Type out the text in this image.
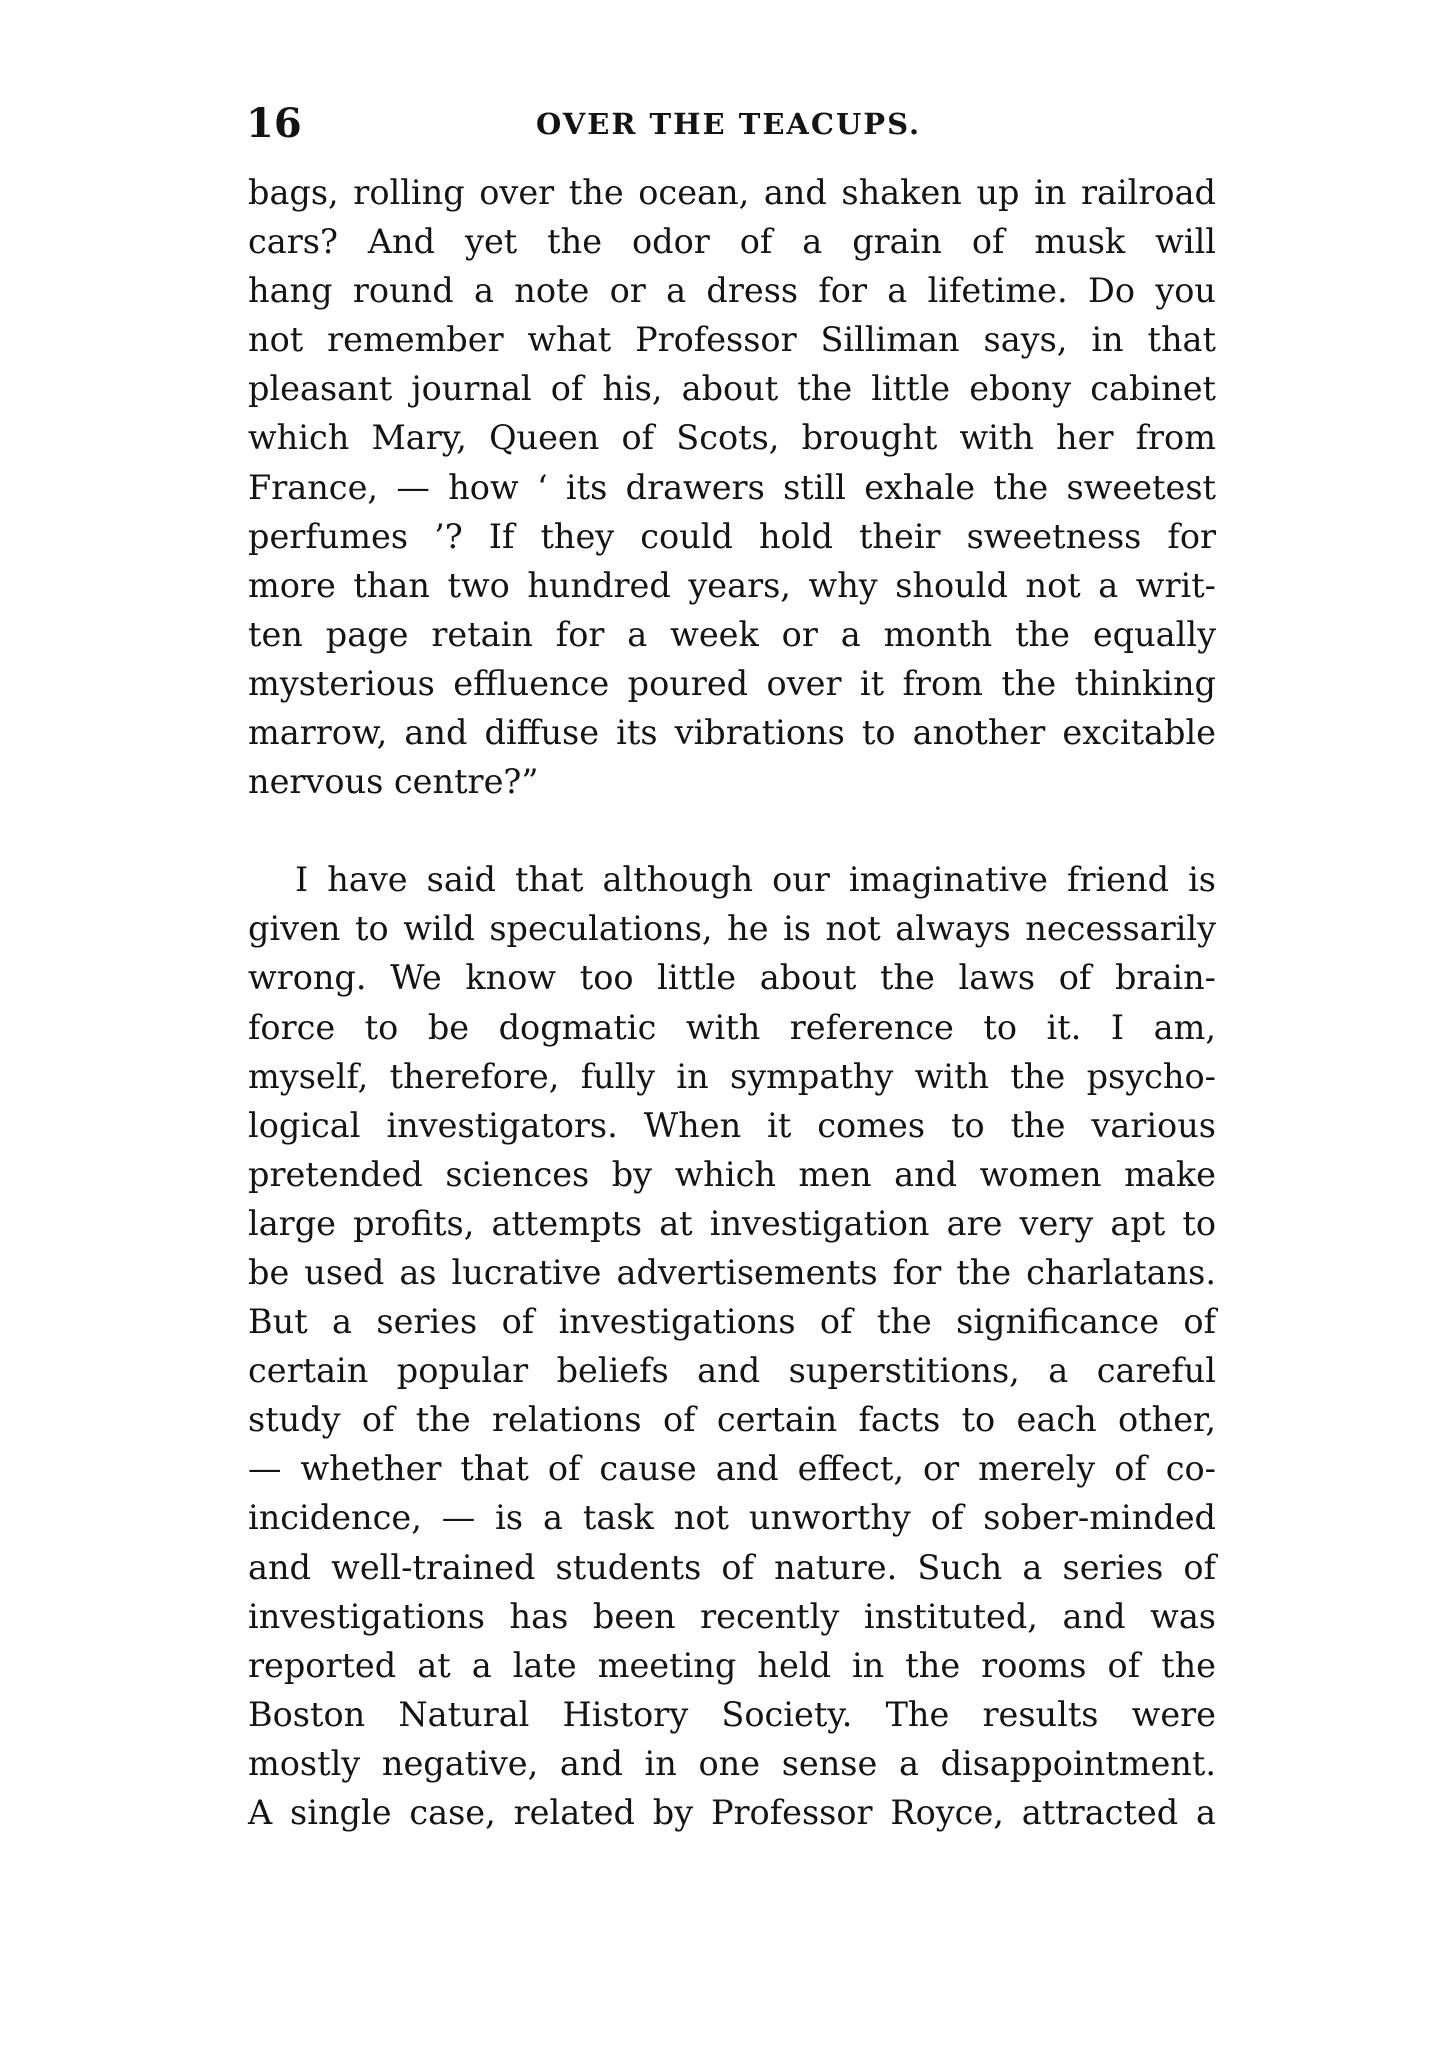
16	OVER THE TEACUPS.
bags, rolling over the ocean, and shaken up in railroad
cars? And yet the odor of a grain of musk will
hang round a note or a dress for a lifetime. Do you
not remember what Professor Silliman says, in that
pleasant journal of his, about the little ebony cabinet
which Mary, Queen of Scots, brought with her from
France, — how ‘ its drawers still exhale the sweetest
perfumes ’? If they could hold their sweetness for
more than two hundred years, why should not a writ-
ten page retain for a week or a month the equally
mysterious effluence poured over it from the thinking
marrow, and diffuse its vibrations to another excitable
nervous centre?”
I have said that although our imaginative friend is
given to wild speculations, he is not always necessarily
wrong. We know too little about the laws of brain-
force to be dogmatic with reference to it. I am,
myself, therefore, fully in sympathy with the psycho-
logical investigators. When it comes to the various
pretended sciences by which men and women make
large profits, attempts at investigation are very apt to
be used as lucrative advertisements for the charlatans.
But a series of investigations of the significance of
certain popular beliefs and superstitions, a careful
study of the relations of certain facts to each other,
— whether that of cause and effect, or merely of co-
incidence, — is a task not unworthy of sober-minded
and well-trained students of nature. Such a series of
investigations has been recently instituted, and was
reported at a late meeting held in the rooms of the
Boston Natural History Society. The results were
mostly negative, and in one sense a disappointment.
A single case, related by Professor Royce, attracted a
